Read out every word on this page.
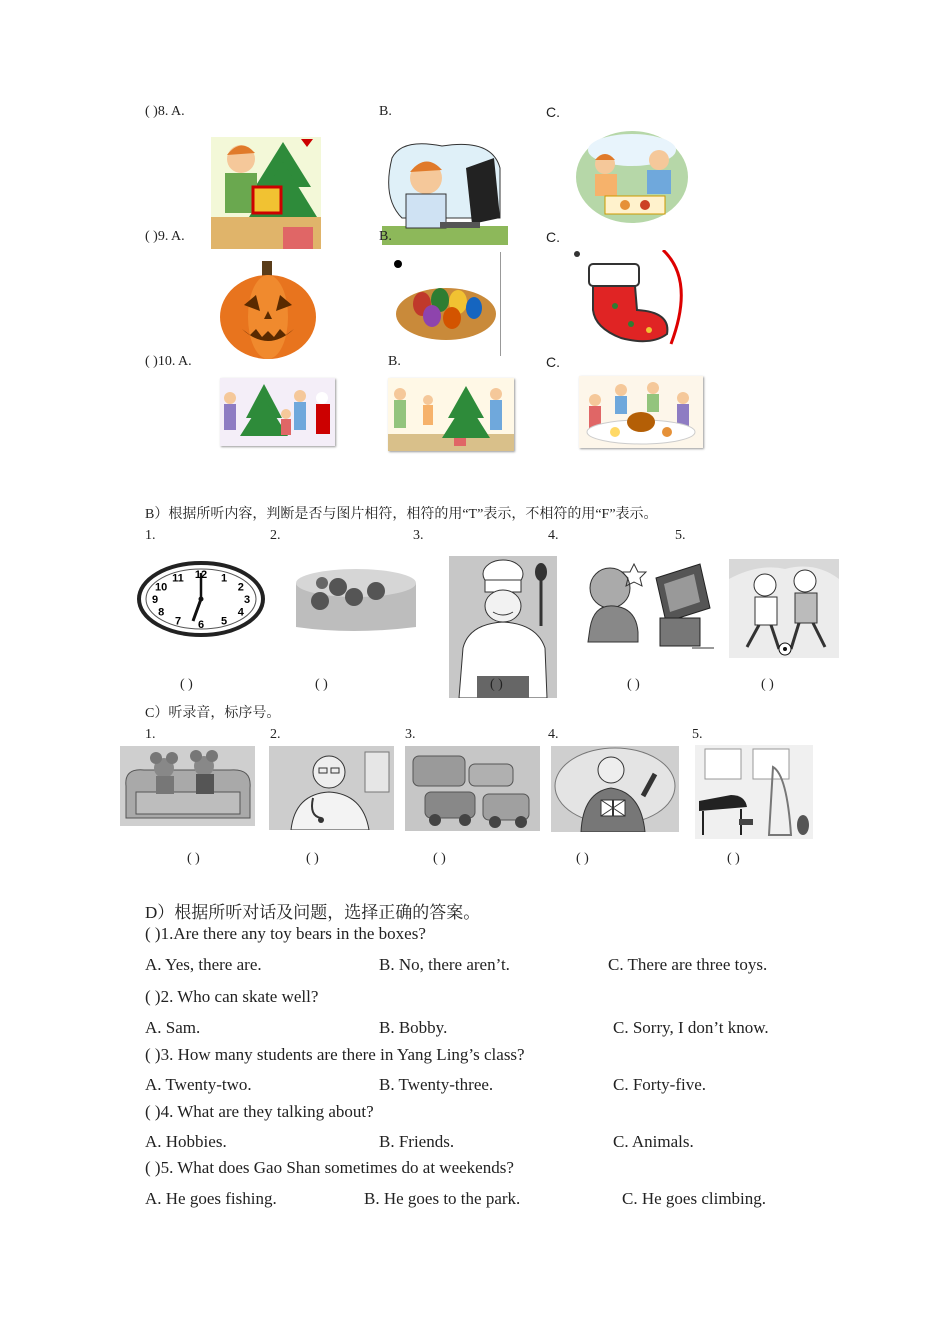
( )8. A.	B.	C.
( )9. A.	B.	C.
( )10. A.	B.	C.
B）根据所听内容，判断是否与图片相符，相符的用“T”表示，不相符的用“F”表示。
1.	2.	3.	4.	5.
12 1
2
3
4
5
6
7
8
9
10
11
( )	( )	( )	( )	( )
C）听录音，标序号。
1.	2.	3.	4.	5.
( )	( )	( )	( )	( )
D）根据所听对话及问题，选择正确的答案。
( )1.Are there any toy bears in the boxes?
A. Yes, there are.	B. No, there aren’t.	C. There are three toys.
( )2. Who can skate well?
A. Sam.	B. Bobby.	C. Sorry, I don’t know.
( )3. How many students are there in Yang Ling’s class?
A. Twenty-two.	B. Twenty-three.	C. Forty-five.
( )4. What are they talking about?
A. Hobbies.	B. Friends.	C. Animals.
( )5. What does Gao Shan sometimes do at weekends?
A. He goes fishing.	B. He goes to the park.	C. He goes climbing.
